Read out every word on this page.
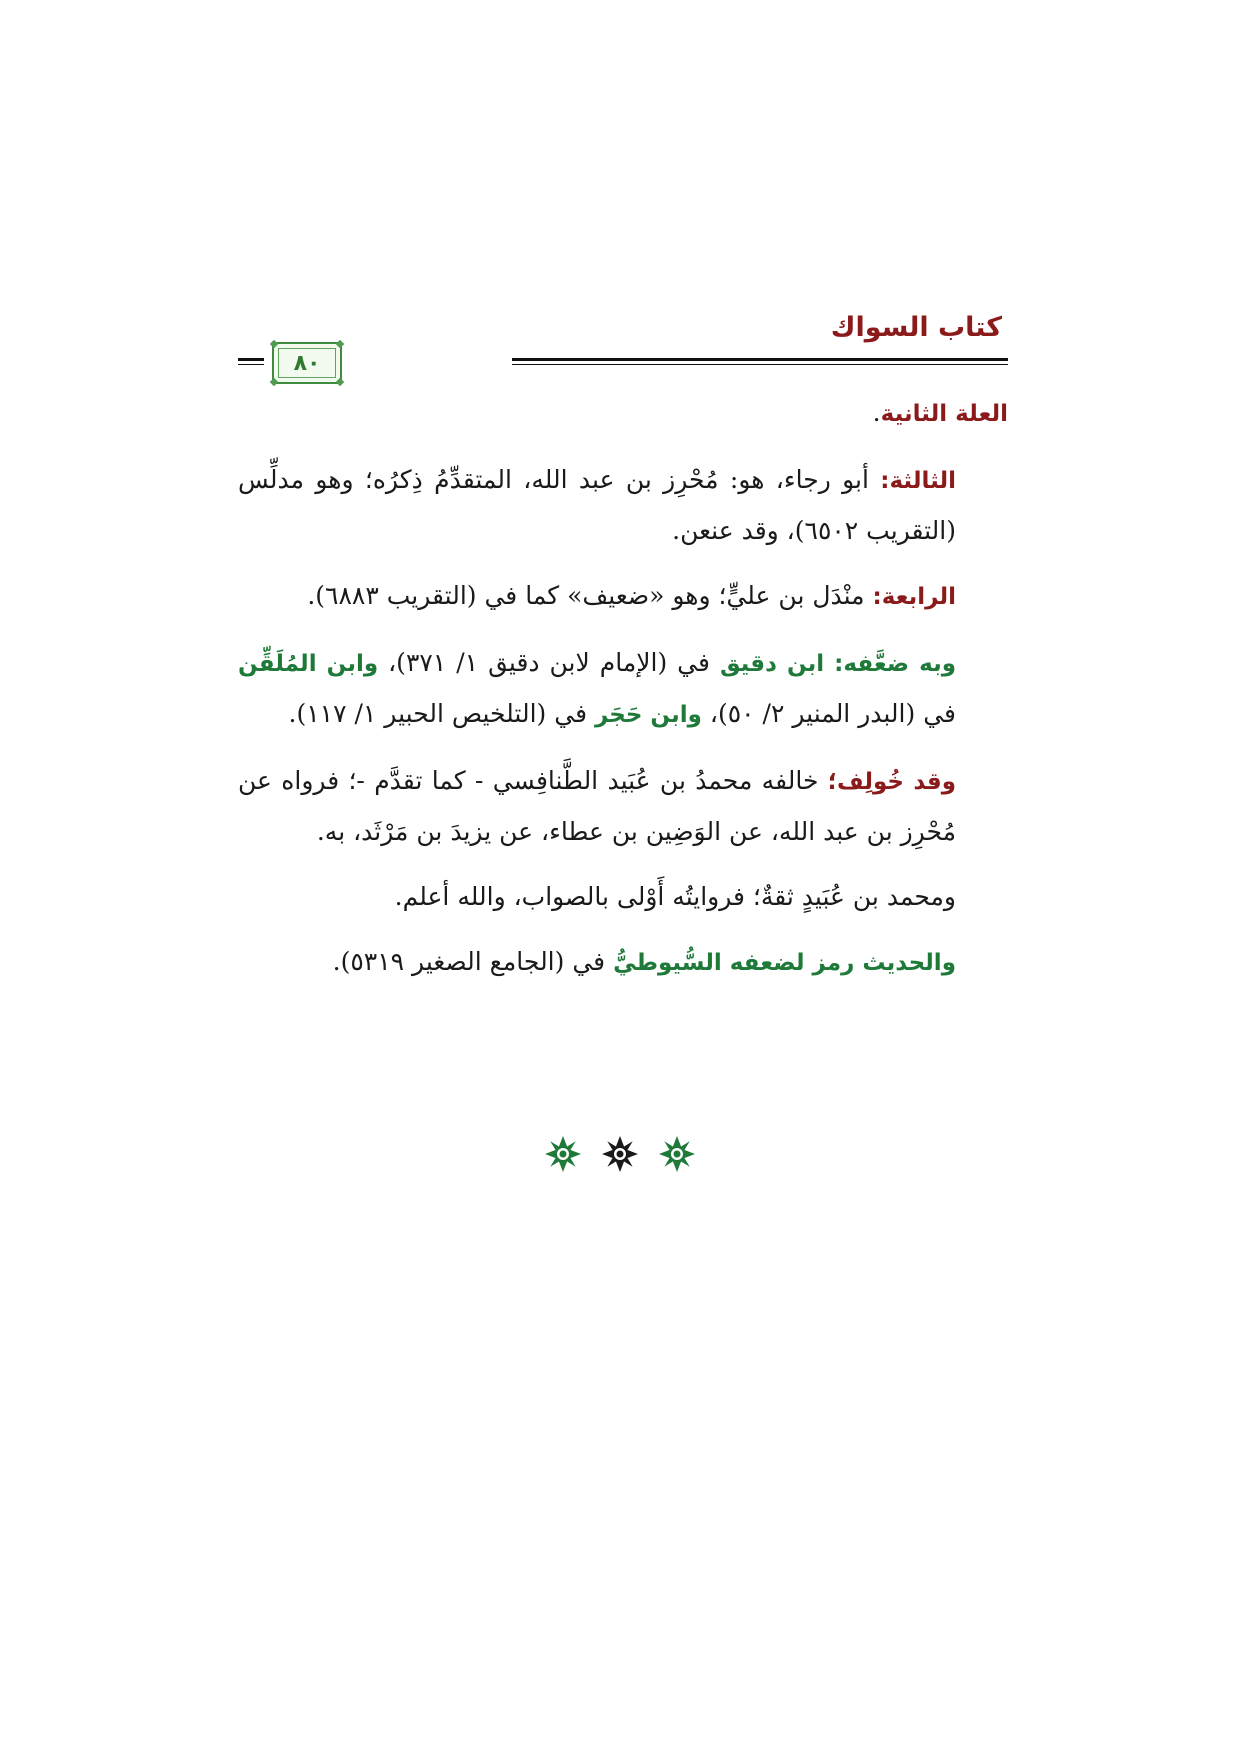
كتاب السواك
٨٠

العلة الثانية.

الثالثة: أبو رجاء، هو: مُحْرِز بن عبد الله، المتقدِّمُ ذِكرُه؛ وهو مدلِّس (التقريب ٦٥٠٢)، وقد عنعن.

الرابعة: منْدَل بن عليٍّ؛ وهو «ضعيف» كما في (التقريب ٦٨٨٣).

وبه ضعَّفه: ابن دقيق في (الإمام لابن دقيق ١/ ٣٧١)، وابن المُلَقِّن في (البدر المنير ٢/ ٥٠)، وابن حَجَر في (التلخيص الحبير ١/ ١١٧).

وقد خُولِف؛ خالفه محمدُ بن عُبَيد الطَّنافِسي - كما تقدَّم -؛ فرواه عن مُحْرِز بن عبد الله، عن الوَضِين بن عطاء، عن يزيدَ بن مَرْثَد، به.

ومحمد بن عُبَيدٍ ثقةٌ؛ فروايتُه أَوْلى بالصواب، والله أعلم.

والحديث رمز لضعفه السُّيوطيُّ في (الجامع الصغير ٥٣١٩).
